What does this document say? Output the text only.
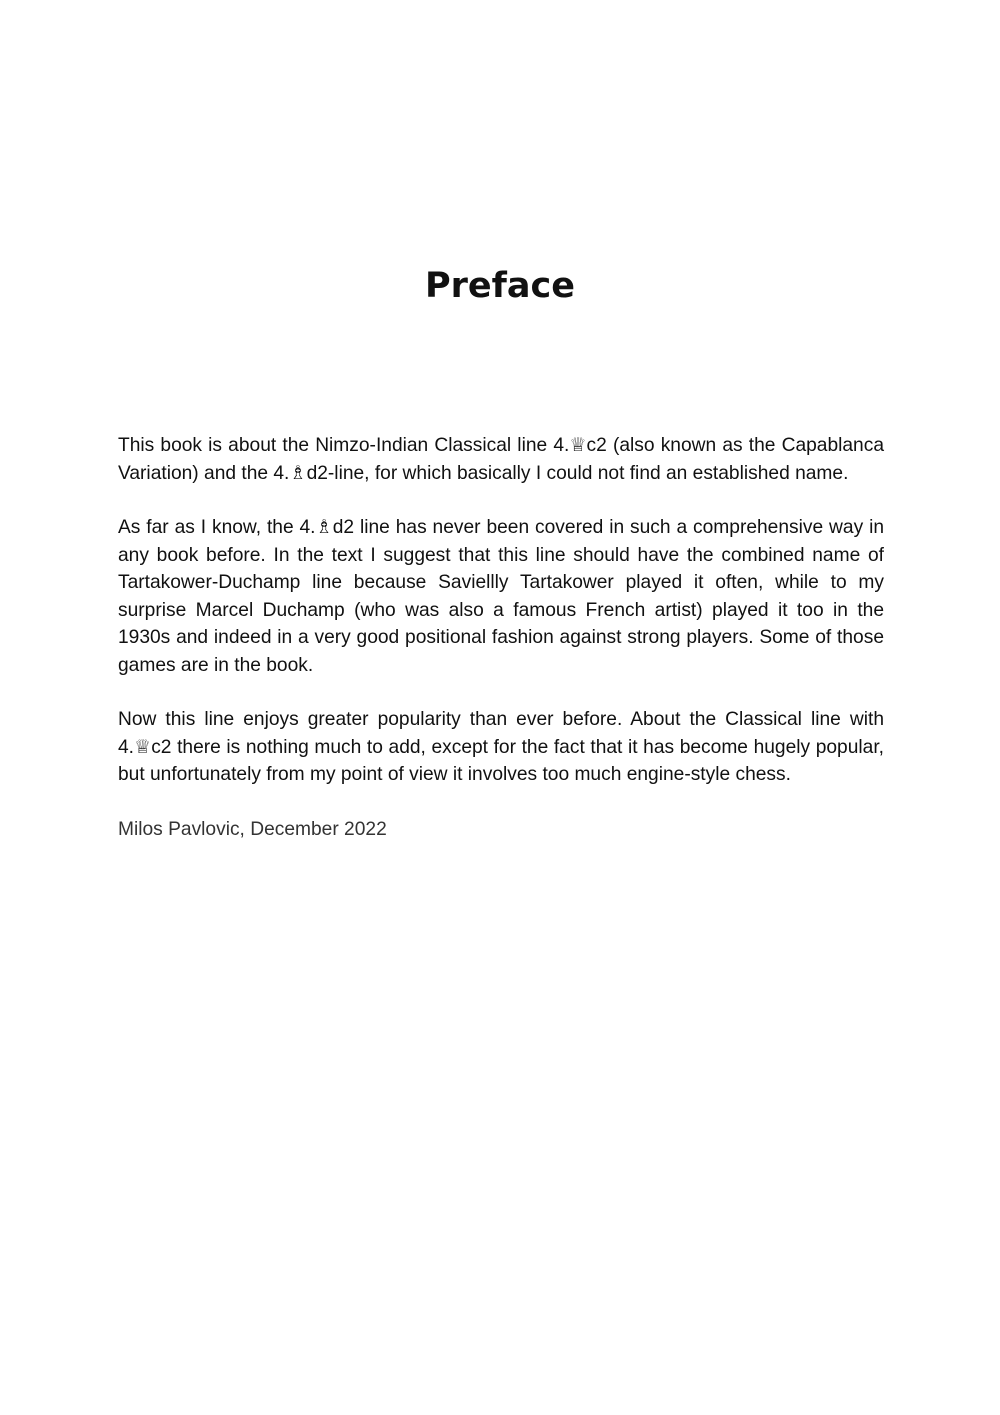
Preface

This book is about the Nimzo-Indian Classical line 4.♕c2 (also known as the Capablanca Variation) and the 4.♗d2-line, for which basically I could not find an established name.

As far as I know, the 4.♗d2 line has never been covered in such a comprehensive way in any book before. In the text I suggest that this line should have the combined name of Tartakower-Duchamp line because Saviellly Tartakower played it often, while to my surprise Marcel Duchamp (who was also a famous French artist) played it too in the 1930s and indeed in a very good positional fashion against strong players. Some of those games are in the book.

Now this line enjoys greater popularity than ever before. About the Classical line with 4.♕c2 there is nothing much to add, except for the fact that it has become hugely popular, but unfortunately from my point of view it involves too much engine-style chess.

Milos Pavlovic, December 2022
